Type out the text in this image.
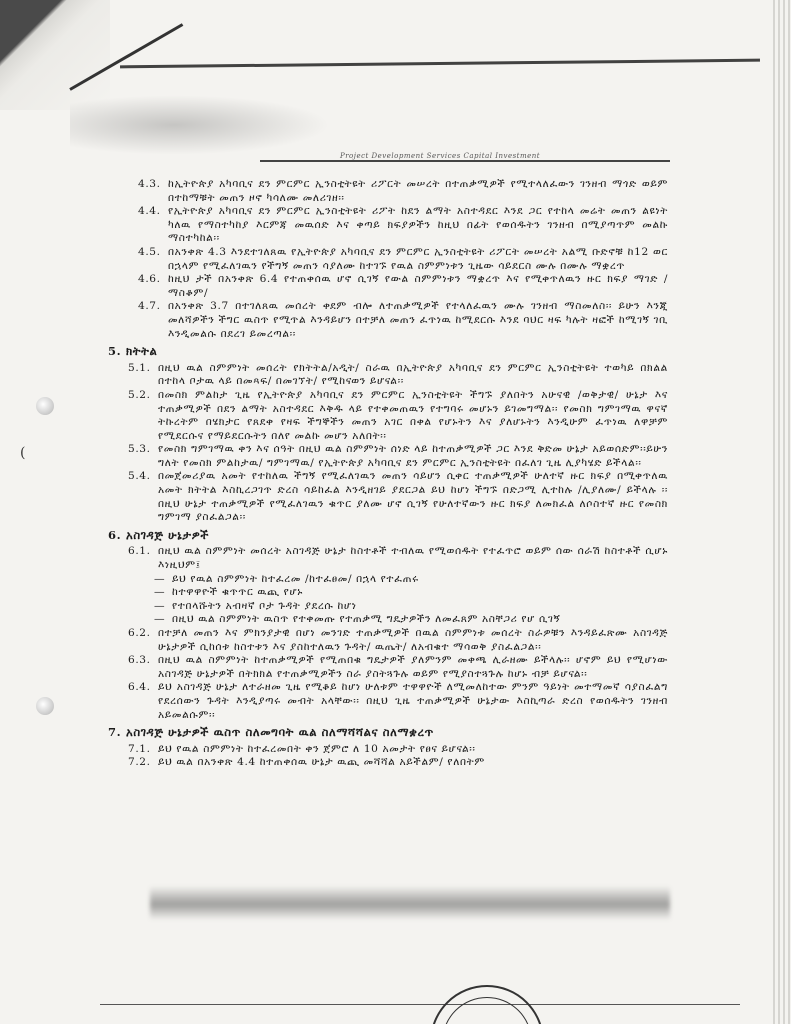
Project Development Services Capital Investment
(
4.3. ከኢትዮጵያ አካባቢና ደን ምርምር ኢንስቲትዩት ሪፖርት መሠረት በተጠቃሚዎች የሚተላለፈውን ገንዘብ ማጎድ ወይም በተከማቹት መጠን ዞኖ ካሳለሙ መለሪገዘ፡፡
4.4. የኢትዮጵያ አካባቢና ደን ምርምር ኢንስቲትዩት ሪፖት ከደን ልማት አስተዳደር እንደ ጋር የተከላ መሬት መጠን ልዩነት ካለዉ የማስተካከያ እርምጃ መዉሰድ እና ቀጣይ ክፍያዎችን ከዚህ በፊት የወሰዱትን ገንዘብ በሚያጣጥም መልኩ ማስተካከል፡፡
4.5. በአንቀጽ 4.3 እንደተገለጸዉ የኢትዮጵያ አካባቢና ደን ምርምር ኢንስቲትዩት ሪፖርት መሠረት አልሚ ቡድኖቹ ከ12 ወር በኋላም የሚፈለገዉን የችግኝ መጠን ሳያለሙ ከተገኙ የዉል ስምምነቱን ጊዜው ሳይደርስ ሙሉ በሙሉ ማቋረጥ
4.6. ከዚህ ታች በአንቀጽ 6.4 የተጠቀሰዉ ሆኖ ሲገኝ የውል ስምምነቱን ማቋረጥ እና የሚቀጥለዉን ዙር ክፍያ ማገድ /ማስቆም/
4.7. በአንቀጽ 3.7 በተገለጸዉ መሰረት ቀደም ብሎ ለተጠቃሚዎች የተላለፈዉን ሙሉ ገንዘብ ማስመለስ፡፡ ይሁን እንጂ መለሻዎችን ችግር ዉስጥ የሚጥል እንዳይሆን በተቻለ መጠን ፈጥነዉ ከሚደርሱ እንደ ባህር ዛፍ ካሉት ዛፎች ከሚገኝ ገቢ እንዲመልሱ በደረገ ይመረጣል፡፡
5. ክትትል
5.1. በዚህ ዉል ስምምነት መሰረት የክትትል/አዲት/ ስራዉ በኢትዮጵያ አካባቢና ደን ምርምር ኢንስቲትዩት ተወካይ በክልል በተከላ ቦታዉ ላይ በመጻፍ/ በመገኘት/ የሚከናወን ይሆናል፡፡
5.2. በመስክ ምልከታ ጊዜ የኢትዮጵያ አካባቢና ደን ምርምር ኢንስቲትዩት ችግኙ ያለበትን አሁናዊ /ወቅታዊ/ ሁኔታ እና ተጠቃሚዎች በደን ልማት አስተዳደር እቅዱ ላይ የተቀመጠዉን የተግባሩ መሆኑን ይገመግማል፡፡ የመስክ ግምገማዉ ዋናኛ ትኩረትም በሄክታር የጸደቀ የዛፍ ችግኞችን መጠን አገር በቀል የሆኑትን እና ያለሆኑትን እንዲሁም ፈጥነዉ ለዋቻም የሚደርሱና የማይደርሱትን በለየ መልኩ መሆን አለበት፡፡
5.3. የመስክ ግምገማዉ ቀን እና ሰዓት በዚህ ዉል ስምምነት ሰነድ ላይ ከተጠቃሚዎች ጋር እንደ ቅድመ ሁኔታ አይወሰድም፡፡ይሁን ግለት የመስክ ምልከታዉ/ ግምገማዉ/ የኢትዮጵያ አካባቢና ደን ምርምር ኢንስቲትዩት በፈለገ ጊዜ ሊያካሄድ ይችላል፡፡
5.4. በመጀመሪያዉ አመት የተከለዉ ችግኝ የሚፈለገዉን መጠን ሳይሆን ሲቀር ተጠቃሚዎች ሁለተኛ ዙር ክፍያ በሚቀጥለዉ አመት ክትትል እስኪረጋገጥ ድረስ ሳይከፈል እንዲዘገይ ያደርጋል ይህ ከሆነ ችግኙ በድጋሚ ሊተከሉ /ሊያለሙ/ ይችላሉ ፡፡ በዚህ ሁኔታ ተጠቃሚዎች የሚፈለገዉን ቁጥር ያለሙ ሆኖ ሲገኝ የሁለተኛውን ዙር ክፍያ ለመክፈል ለሶስተኛ ዙር የመስክ ግምገማ ያስፈልጋል፡፡
6. አስገዳጅ ሁኔታዎች
6.1. በዚህ ዉል ስምምነት መሰረት አስገዳጅ ሁኔታ ከስተቶች ተብለዉ የሚወሰዱት የተፈጥሮ ወይም ሰው ሰራሽ ከስተቶች ሲሆኑ እነዚህም፤
— ይህ የዉል ስምምነት ከተፈረመ /ከተፈፀመ/ በኋላ የተፈጠሩ
— ከተዋዋዮች ቁጥጥር ዉጪ የሆኑ
— የተበላሹትን አብዛኛ ቦታ ጉዳት ያደረሱ ከሆነ
— በዚህ ዉል ስምምነት ዉስጥ የተቀመጡ የተጠቃሚ ግዴታዎችን ለመፈጸም አስቸጋሪ የሆ ሲገኝ
6.2. በተቻለ መጠን እና ምክንያታዊ በሆነ መንገድ ተጠቃሚዎች በዉል ስምምነቱ መሰረት ስራዎቹን እንዳይፈጽሙ አስገዳጅ ሁኔታዎች ሲከሰቱ ከስተቱን እና ያስከተለዉን ጉዳት/ ዉጤት/ ለአብቁተ ማሳወቅ ያስፈልጋል፡፡
6.3. በዚህ ዉል ስምምነት ከተጠቃሚዎች የሚጠበቁ ግዴታዎች ያለምንም መቀጫ ሊራዘሙ ይችላሉ፡፡ ሆኖም ይህ የሚሆነው አስገዳጅ ሁኔታዎች በትክክል የተጠቃሚዎችን ስራ ያስትጓጉሉ ወይም የሚያስተጓጉሉ ከሆኑ ብቻ ይሆናል፡፡
6.4. ይህ አስገዳጅ ሁኔታ ለተራዘመ ጊዜ የሚቆይ ከሆነ ሁለቱም ተዋዋዮች ለሚመለከተው ምንም ዓይነት መተማመኛ ሳያስፈልግ የደረሰውን ጉዳት እንዲያጣሩ መብት አላቸው፡፡ በዚህ ጊዜ ተጠቃሚዎች ሁኔታው እስኪጣራ ድረስ የወሰዱትን ገንዘብ አይመልሱም፡፡
7. አስገዳጅ ሁኔታዎች ዉስጥ ስለመግባት ዉል ስለማሻሻልና ስለማቋረጥ
7.1. ይህ የዉል ስምምነት ከተፈረመበት ቀን ጀምሮ ለ 10 አመታት የፀና ይሆናል፡፡
7.2. ይህ ዉል በአንቀጽ 4.4 ከተጠቀሰዉ ሁኔታ ዉጪ መሻሻል አይችልም/ የለበትም
